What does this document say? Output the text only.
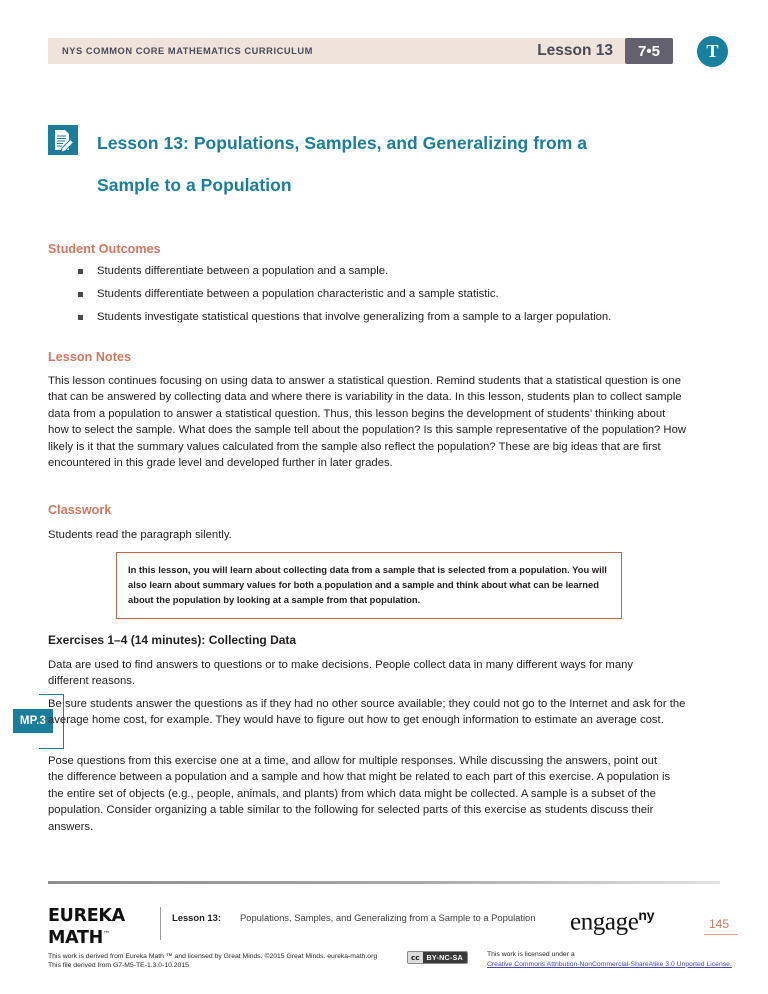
NYS COMMON CORE MATHEMATICS CURRICULUM	Lesson 13	7•5	T
Lesson 13: Populations, Samples, and Generalizing from a
Sample to a Population
Student Outcomes
Students differentiate between a population and a sample.
Students differentiate between a population characteristic and a sample statistic.
Students investigate statistical questions that involve generalizing from a sample to a larger population.
Lesson Notes
This lesson continues focusing on using data to answer a statistical question. Remind students that a statistical question is one that can be answered by collecting data and where there is variability in the data. In this lesson, students plan to collect sample data from a population to answer a statistical question. Thus, this lesson begins the development of students’ thinking about how to select the sample. What does the sample tell about the population? Is this sample representative of the population? How likely is it that the summary values calculated from the sample also reflect the population? These are big ideas that are first encountered in this grade level and developed further in later grades.
Classwork
Students read the paragraph silently.
In this lesson, you will learn about collecting data from a sample that is selected from a population. You will also learn about summary values for both a population and a sample and think about what can be learned about the population by looking at a sample from that population.
Exercises 1–4 (14 minutes): Collecting Data
Data are used to find answers to questions or to make decisions. People collect data in many different ways for many different reasons.
MP.3
Be sure students answer the questions as if they had no other source available; they could not go to the Internet and ask for the average home cost, for example. They would have to figure out how to get enough information to estimate an average cost.
Pose questions from this exercise one at a time, and allow for multiple responses. While discussing the answers, point out the difference between a population and a sample and how that might be related to each part of this exercise. A population is the entire set of objects (e.g., people, animals, and plants) from which data might be collected. A sample is a subset of the population. Consider organizing a table similar to the following for selected parts of this exercise as students discuss their answers.
EUREKA
MATH™
Lesson 13: Populations, Samples, and Generalizing from a Sample to a Population engage$^{ny}$
145
This work is derived from Eureka Math ™ and licensed by Great Minds. ©2015 Great Minds. eureka-math.org
This file derived from G7-M5-TE-1.3.0-10.2015
cc BY-NC-SA	This work is licensed under a
Creative Commons Attribution-NonCommercial-ShareAlike 3.0 Unported License.
